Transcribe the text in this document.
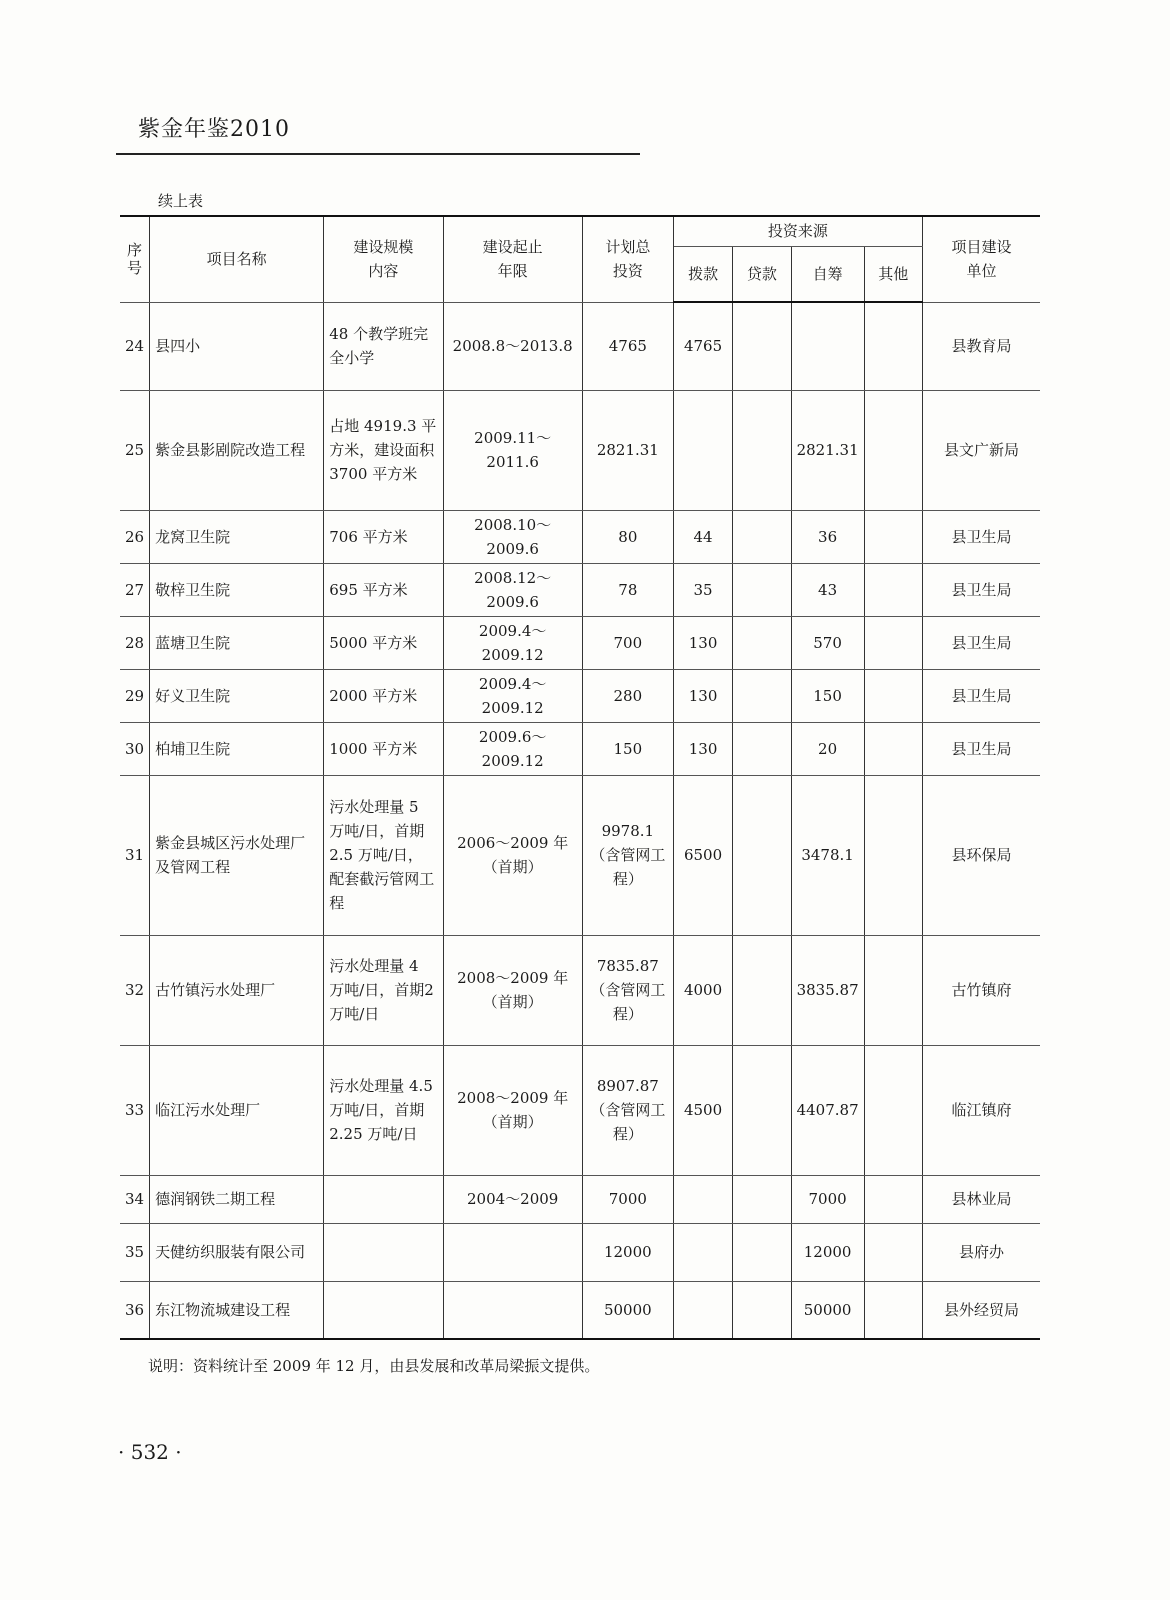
紫金年鉴2010
续上表
序号	项目名称	建设规模内容	建设起止年限	计划总投资	投资来源				项目建设单位
					拨款	贷款	自筹	其他	
24	县四小	48 个教学班完全小学	2008.8～2013.8	4765	4765				县教育局
25	紫金县影剧院改造工程	占地 4919.3 平方米，建设面积 3700 平方米	2009.11～2011.6	2821.31			2821.31		县文广新局
26	龙窝卫生院	706 平方米	2008.10～2009.6	80	44		36		县卫生局
27	敬梓卫生院	695 平方米	2008.12～2009.6	78	35		43		县卫生局
28	蓝塘卫生院	5000 平方米	2009.4～2009.12	700	130		570		县卫生局
29	好义卫生院	2000 平方米	2009.4～2009.12	280	130		150		县卫生局
30	柏埔卫生院	1000 平方米	2009.6～2009.12	150	130		20		县卫生局
31	紫金县城区污水处理厂及管网工程	污水处理量 5 万吨/日，首期 2.5 万吨/日，配套截污管网工程	2006～2009 年（首期）	9978.1（含管网工程）	6500		3478.1		县环保局
32	古竹镇污水处理厂	污水处理量 4 万吨/日，首期2 万吨/日	2008～2009 年（首期）	7835.87（含管网工程）	4000		3835.87		古竹镇府
33	临江污水处理厂	污水处理量 4.5 万吨/日，首期 2.25 万吨/日	2008～2009 年（首期）	8907.87（含管网工程）	4500		4407.87		临江镇府
34	德润钢铁二期工程		2004～2009	7000			7000		县林业局
35	天健纺织服装有限公司			12000			12000		县府办
36	东江物流城建设工程			50000			50000		县外经贸局
说明：资料统计至 2009 年 12 月，由县发展和改革局梁振文提供。
· 532 ·
